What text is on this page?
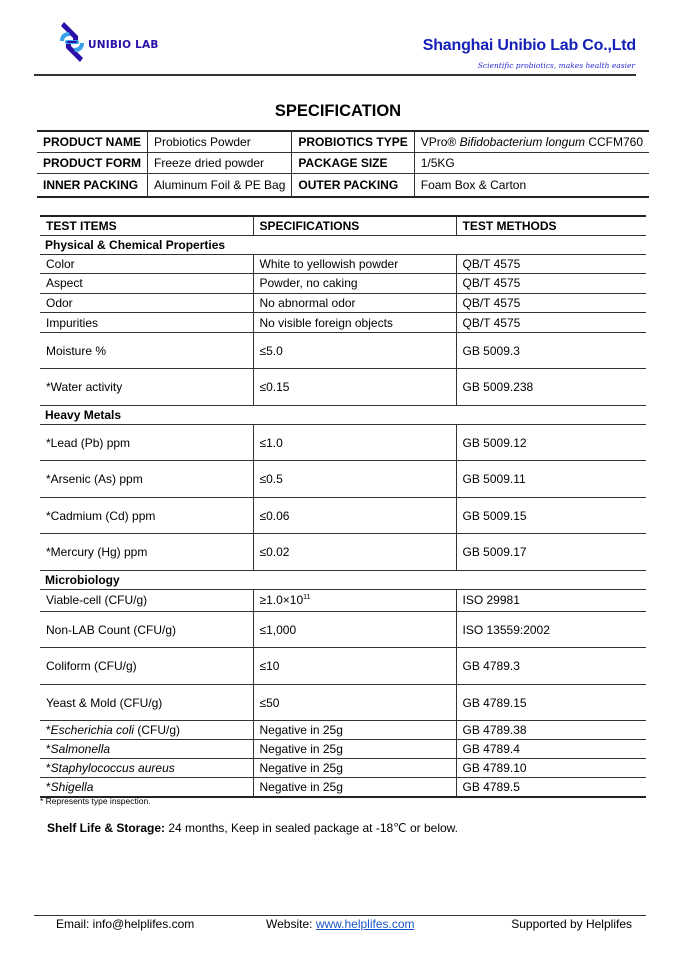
UNIBIO LAB	Shanghai Unibio Lab Co.,Ltd
Scientific probiotics, makes health easier
SPECIFICATION
PRODUCT NAME	Probiotics Powder	PROBIOTICS TYPE	VPro® Bifidobacterium longum CCFM760
PRODUCT FORM	Freeze dried powder	PACKAGE SIZE	1/5KG
INNER PACKING	Aluminum Foil & PE Bag	OUTER PACKING	Foam Box & Carton
TEST ITEMS	SPECIFICATIONS	TEST METHODS
Physical & Chemical Properties		
Color	White to yellowish powder	QB/T 4575
Aspect	Powder, no caking	QB/T 4575
Odor	No abnormal odor	QB/T 4575
Impurities	No visible foreign objects	QB/T 4575
Moisture %	≤5.0	GB 5009.3
*Water activity	≤0.15	GB 5009.238
Heavy Metals		
*Lead (Pb) ppm	≤1.0	GB 5009.12
*Arsenic (As) ppm	≤0.5	GB 5009.11
*Cadmium (Cd) ppm	≤0.06	GB 5009.15
*Mercury (Hg) ppm	≤0.02	GB 5009.17
Microbiology		
Viable-cell (CFU/g)	$\ge 1.0\times 10^{11}$	ISO 29981
Non-LAB Count (CFU/g)	≤1,000	ISO 13559:2002
Coliform (CFU/g)	≤10	GB 4789.3
Yeast & Mold (CFU/g)	≤50	GB 4789.15
*Escherichia coli (CFU/g)	Negative in 25g	GB 4789.38
*Salmonella	Negative in 25g	GB 4789.4
*Staphylococcus aureus	Negative in 25g	GB 4789.10
*Shigella	Negative in 25g	GB 4789.5
* Represents type inspection.
Shelf Life & Storage: 24 months, Keep in sealed package at -18℃ or below.
Email: info@helplifes.com	Website: www.helplifes.com	Supported by Helplifes
